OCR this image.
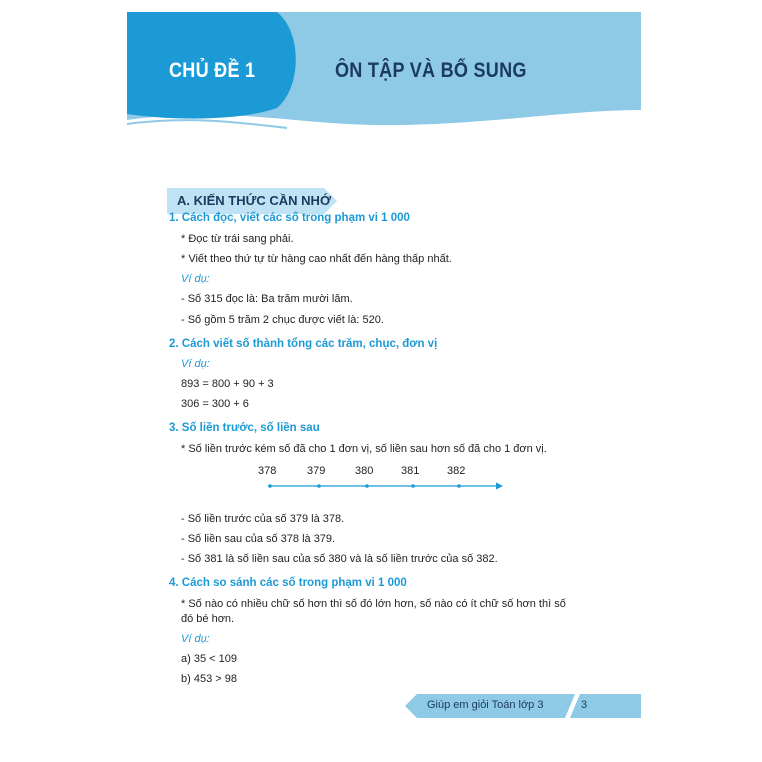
CHỦ ĐỀ 1	ÔN TẬP VÀ BỔ SUNG
A. KIẾN THỨC CẦN NHỚ
1. Cách đọc, viết các số trong phạm vi 1 000
* Đọc từ trái sang phải.
* Viết theo thứ tự từ hàng cao nhất đến hàng thấp nhất.
Ví dụ:
- Số 315 đọc là: Ba trăm mười lăm.
- Số gồm 5 trăm 2 chục được viết là: 520.
2. Cách viết số thành tổng các trăm, chục, đơn vị
Ví dụ:
893 = 800 + 90 + 3
306 = 300 + 6
3. Số liền trước, số liền sau
* Số liền trước kém số đã cho 1 đơn vị, số liền sau hơn số đã cho 1 đơn vị.
378	379	380	381	382
- Số liền trước của số 379 là 378.
- Số liền sau của số 378 là 379.
- Số 381 là số liền sau của số 380 và là số liền trước của số 382.
4. Cách so sánh các số trong phạm vi 1 000
* Số nào có nhiều chữ số hơn thì số đó lớn hơn, số nào có ít chữ số hơn thì số
đó bé hơn.
Ví dụ:
a) 35 < 109
b) 453 > 98
Giúp em giỏi Toán lớp 3	3
